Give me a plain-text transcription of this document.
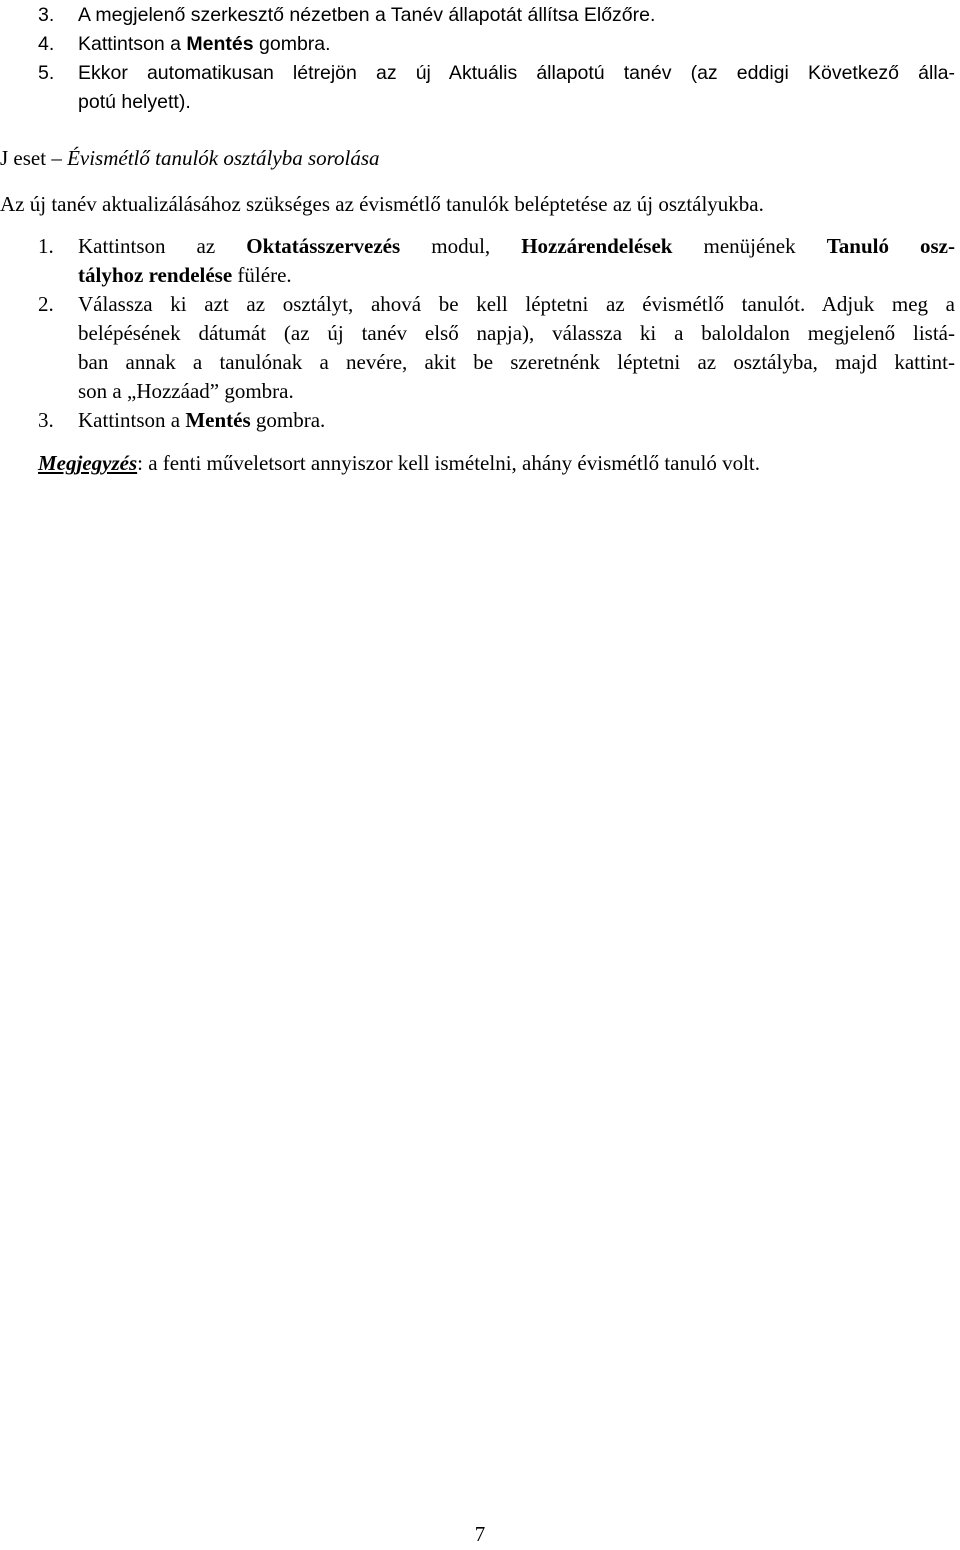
3. A megjelenő szerkesztő nézetben a Tanév állapotát állítsa Előzőre.
4. Kattintson a Mentés gombra.
5. Ekkor automatikusan létrejön az új Aktuális állapotú tanév (az eddigi Következő álla-
potú helyett).
J eset – Évismétlő tanulók osztályba sorolása
Az új tanév aktualizálásához szükséges az évismétlő tanulók beléptetése az új osztályukba.
1. Kattintson az Oktatásszervezés modul, Hozzárendelések menüjének Tanuló osz-
tályhoz rendelése fülére.
2. Válassza ki azt az osztályt, ahová be kell léptetni az évismétlő tanulót. Adjuk meg a
belépésének dátumát (az új tanév első napja), válassza ki a baloldalon megjelenő listá-
ban annak a tanulónak a nevére, akit be szeretnénk léptetni az osztályba, majd kattint-
son a „Hozzáad” gombra.
3. Kattintson a Mentés gombra.
Megjegyzés: a fenti műveletsort annyiszor kell ismételni, ahány évismétlő tanuló volt.
7
